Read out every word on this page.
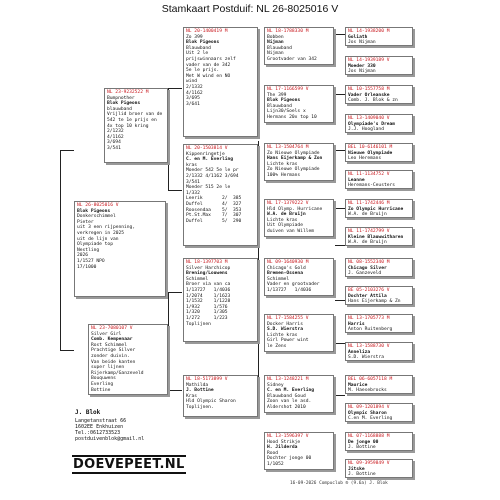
Stamkaart Postduif: NL 26-8025016 V
NL 26-8025016 V
Blok Pigeons
Donkerschimmel
Pieter
uit 3 een rijpenning,
verkregen in 2025
uit de lijn van
Olympiade top
Nestling
2026
1/1527 NPO
17/1000
NL 23-9232522 M
Bumpnother
Blok Pigeons
blauwband
Vrijlid broer van de
542 te 1e prijs en
4x top 10 kring
2/1232
4/1162
3/694
3/541
NL 23-7080107 V
Silver Girl
Comb. Kempenaar
Rost Schimmel
Prachtige Silver
zonder duivin.
Van beide kanten
super lijnen
Rijerkamp/Ganzeveld
Bouquwens
Everling
Bottine
NL 20-1400419 M
Zo 399
Blok Pigeons
Blauwband
Uit 2 le
prijswinnaars zelf
vader van de 342
5e le prijs.
Met W wind en NO
wind
2/1332
4/1162
3/695
3/641
NL 20-1503814 V
Kippenringetje
C. en M. Everling
kras
Moeder 542 5e le pr
2/1332 4/1162 3/694
3/541
Moeder 515 2e le
1/332
Leerik       2/  385
Duffel       4/  327
Roosendaa    5/  353
Pt.St.Max    7/  307
Duffel       5/  290
NL 18-1397703 M
Silver Harchicop
Brening/Louwens
Schimmel
Broer via van ca
1/13727   1/4036
1/2074    1/1623
1/1532    1/1228
1/932     1/576
1/320     1/305
1/272     1/223
Toplijnen
NL 18-5173899 V
Mathilda
J. Bottine
Kras
Hld Olympic Sharon
Toplijnen.
NL 18-1788330 M
Bobben
Nijman
Blauwband
Nijman
Grootvader van 342
NL 17-1166599 V
The 399
Blok Pigeons
Blauwband
Lijn30/Soels x
Hermans 20x top 10
NL 13-1504764 M
Zo Nieuwe Olympiade
Hans Eijerkamp & Zon
Lichte kras
Zo Nieuwe Olympiade
100% Hermans
NL 17-1379222 V
Hld Olymp. Hurricane
W.A. de Bruijn
Lichte kras
Uit Olympiade
duiven van Willem
NL 09-1640930 M
Chicago's Gold
Bremen-Ossena
Schimmel
Vader en grootvader
1/13727   1/4036
NL 17-1584255 V
Docker Harris
S.D. Wierstra
Lichte kras
Girl Power wint
le Zens
NL 13-1248221 M
Sidney
C. en M. Everling
Blauwband Goud
Zoon van le asd.
Aldershot 2010
NL 13-1596397 V
Hood Strikje
H. Jilderda
Rood
Dochter jonge 00
1/1052
NL 14-1938200 M
Goliath
Jos Nijman
NL 14-1939189 V
Moeder 330
Jos Nijman
NL 10-1557758 M
Vader Orleanske
Comb. J. Blok & zn
NL 13-1409040 V
Olympiade's Dream
J.J. Hoogland
BEL 10-6146101 M
Nieuwe Olympiade
Leo Heremans
NL 11-1134752 V
Leanne
Heremans-Ceusters
NL 11-1742446 M
Zo Olympic Hurricane
W.A. de Bruijn
NL 11-1742799 V
Kleine Blauwwitharen
W.A. de Bruijn
NL 08-1552340 M
Chicago Silver
J. Ganzeveld
BE 05-2103276 V
Dochter Attila
Hans Eijerkamp & Zn
NL 13-1705773 M
Harris
Anton Ruitenberg
NL 13-1588730 V
Anneliza
S.D. Wierstra
BEL 06-6057118 M
Maurice
M. Haesebrocks
NL 09-1201894 V
Olympic Sharon
C.en M. Everling
NL 07-1168888 M
De jonge 00
J. Bottine
NL 09-3959849 V
Jitske
J. Bottine
J. Blok
Langetanstraat 66
1602EE Enkhuizen
Tel.:0612733523
postduivenblok@gmail.nl
DOEVEPEET.NL
16-09-2026 Compuclub ® (9.6a) J. Blok
